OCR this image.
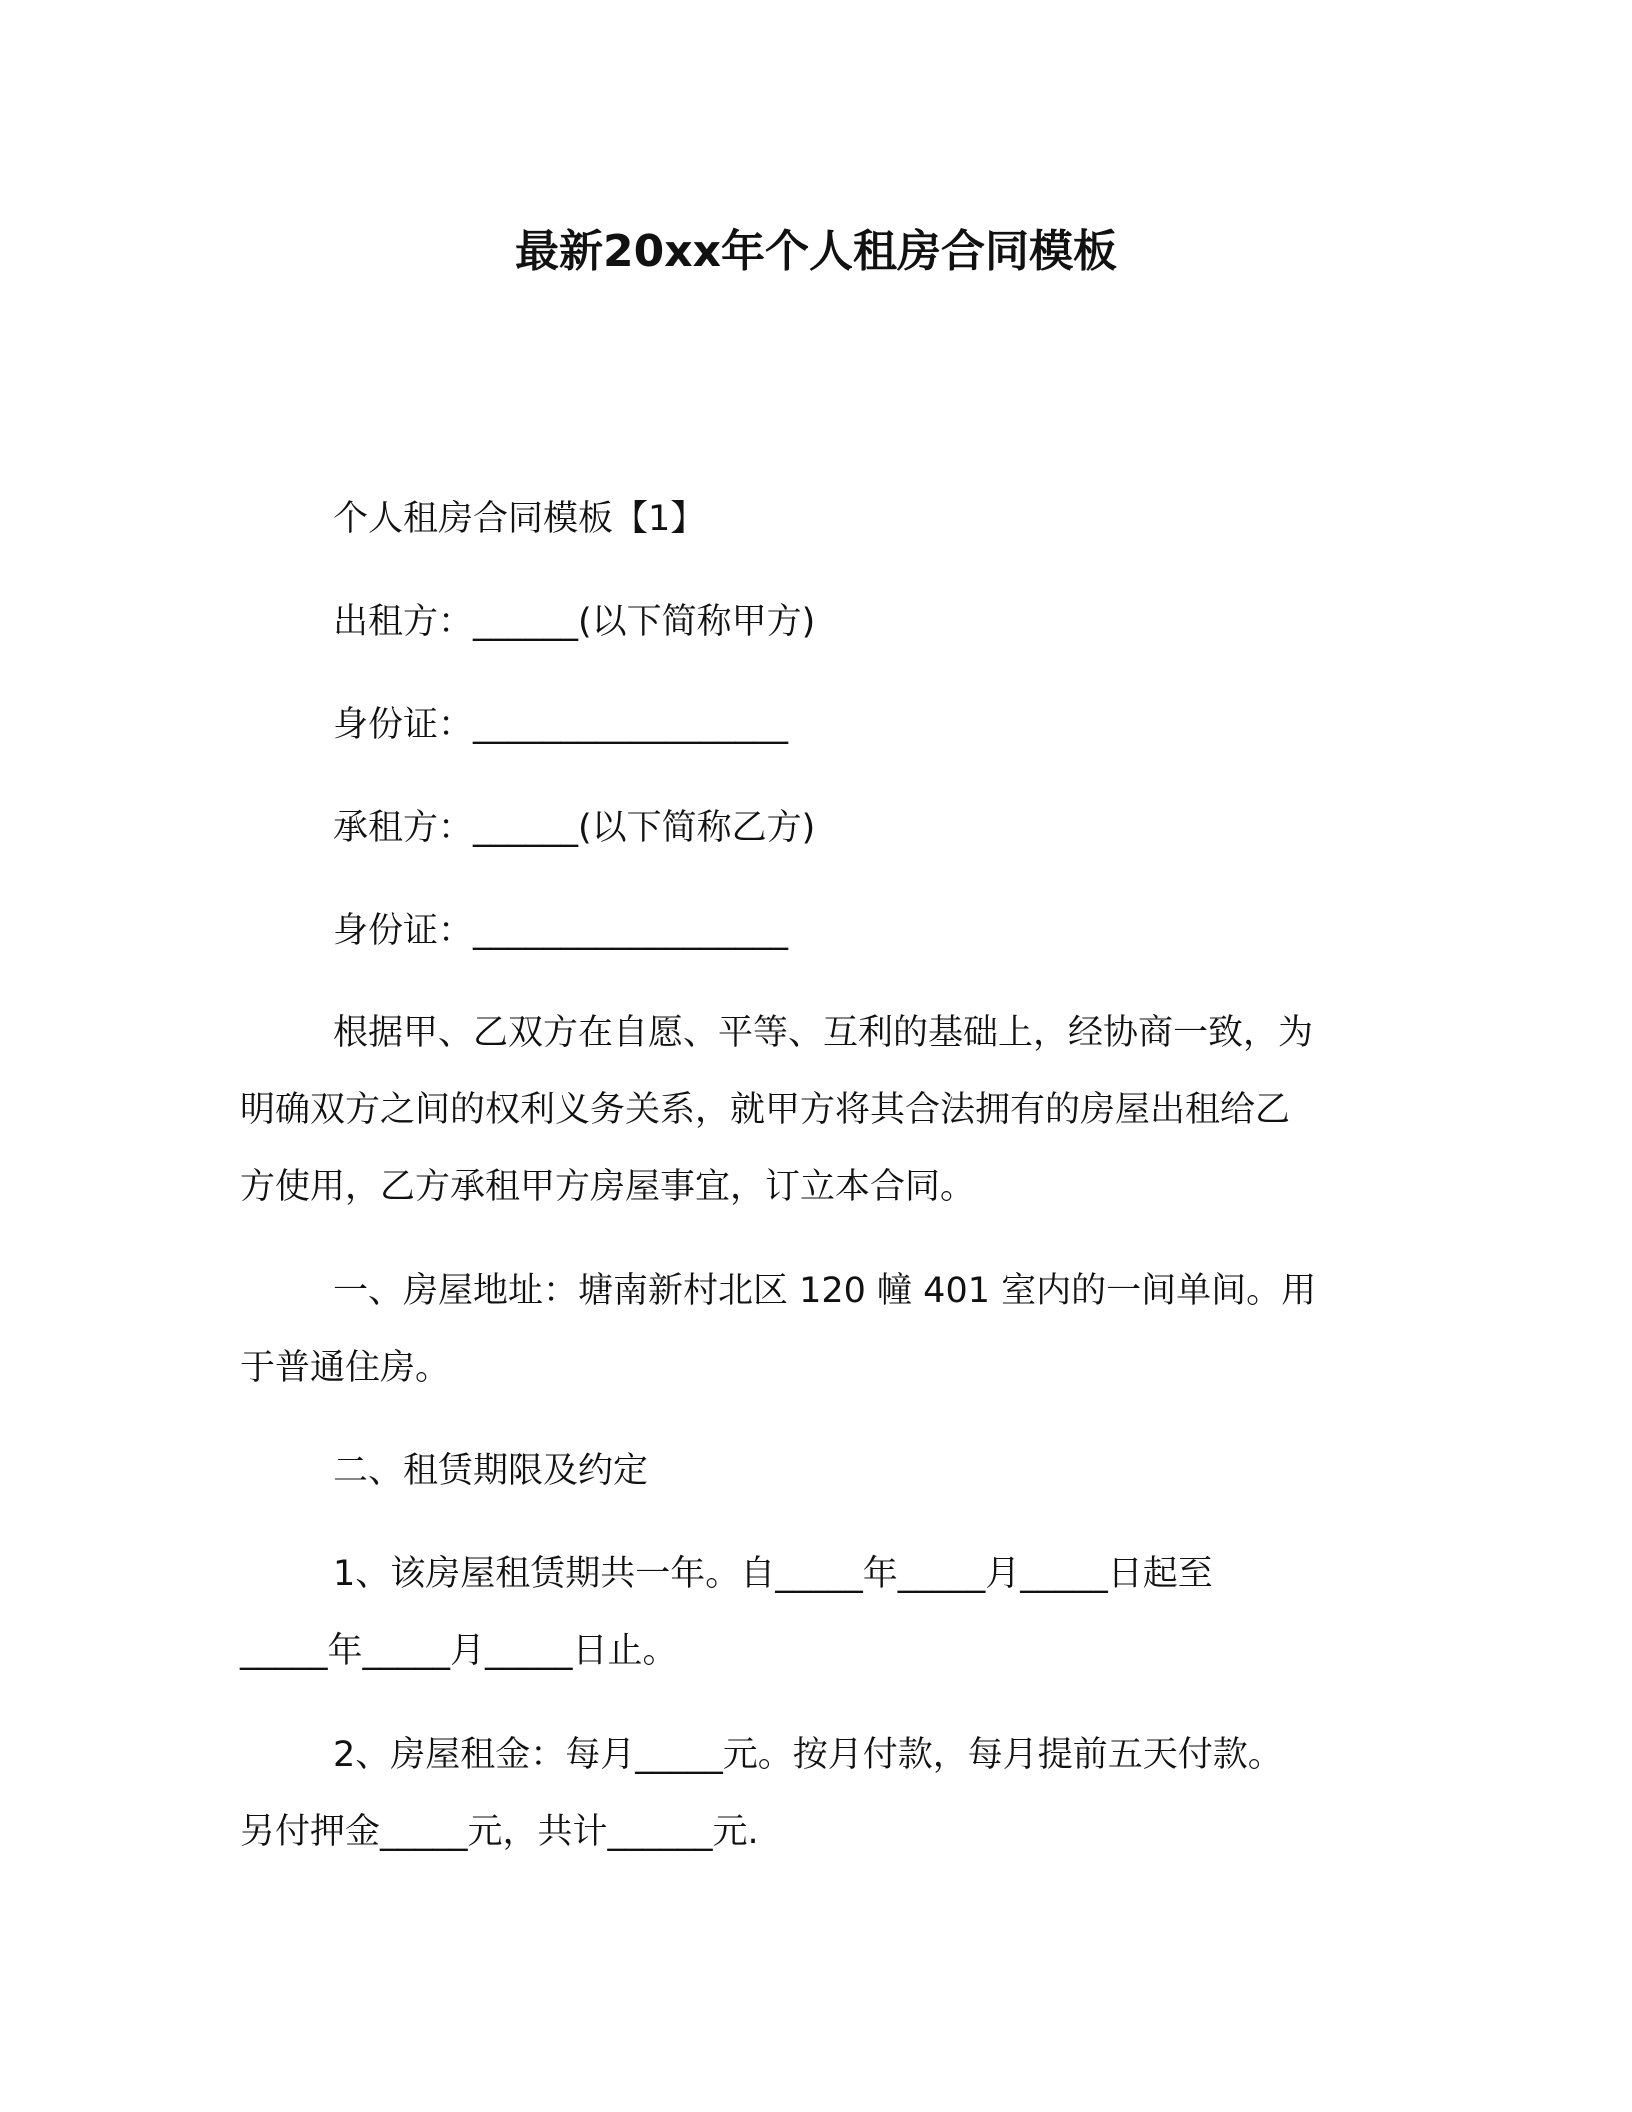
最新20xx年个人租房合同模板

个人租房合同模板【1】

出租方：______(以下简称甲方)

身份证：__________________

承租方：______(以下简称乙方)

身份证：__________________

根据甲、乙双方在自愿、平等、互利的基础上，经协商一致，为

明确双方之间的权利义务关系，就甲方将其合法拥有的房屋出租给乙

方使用，乙方承租甲方房屋事宜，订立本合同。

一、房屋地址：塘南新村北区 120 幢 401 室内的一间单间。用

于普通住房。

二、租赁期限及约定

1、该房屋租赁期共一年。自_____年_____月_____日起至

_____年_____月_____日止。

2、房屋租金：每月_____元。按月付款，每月提前五天付款。

另付押金_____元，共计______元.
